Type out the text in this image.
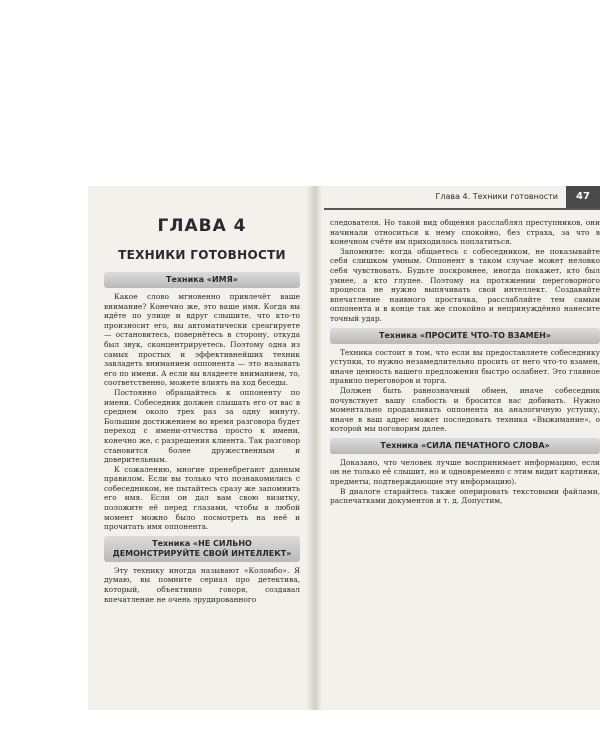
ГЛАВА 4
ТЕХНИКИ ГОТОВНОСТИ
Техника «ИМЯ»

Какое слово мгновенно привлечёт ваше внимание? Конечно же, это ваше имя. Когда вы идёте по улице и вдруг слышите, что кто-то произносит его, вы автоматически среагируете — остановитесь, повернётесь в сторону, откуда был звук, сконцентрируетесь. Поэтому одна из самых простых и эффективнейших техник завладеть вниманием оппонента — это называть его по имени. А если вы владеете вниманием, то, соответственно, можете влиять на ход беседы.

Постоянно обращайтесь к оппоненту по имени. Собеседник должен слышать его от вас в среднем около трех раз за одну минуту. Большим достижением во время разговора будет переход с имени-отчества просто к имени, конечно же, с разрешения клиента. Так разговор становится более дружественным и доверительным.

К сожалению, многие пренебрегают данным правилом. Если вы только что познакомились с собеседником, не пытайтесь сразу же запомнить его имя. Если он дал вам свою визитку, положите её перед глазами, чтобы в любой момент можно было посмотреть на неё и прочитать имя оппонента.

Техника «НЕ СИЛЬНО ДЕМОНСТРИРУЙТЕ СВОЙ ИНТЕЛЛЕКТ»

Эту технику иногда называют «Коломбо». Я думаю, вы помните сериал про детектива, который, объективно говоря, создавал впечатление не очень эрудированного

Глава 4. Техники готовности	47

следователя. Но такой вид общения расслаблял преступников, они начинали относиться к нему спокойно, без страха, за что в конечном счёте им приходилось поплатиться.

Запомните: когда общаетесь с собеседником, не показывайте себя слишком умным. Оппонент в таком случае может неловко себя чувствовать. Будьте поскромнее, иногда покажет, кто был умнее, а кто глупее. Поэтому на протяжении переговорного процесса не нужно выпячивать свой интеллект. Создавайте впечатление наивного простачка, расслабляйте тем самым оппонента и в конце так же спокойно и непринуждённо нанесите точный удар.

Техника «ПРОСИТЕ ЧТО-ТО ВЗАМЕН»

Техника состоит в том, что если вы предоставляете собеседнику уступки, то нужно незамедлительно просить от него что-то взамен, иначе ценность вашего предложения быстро ослабнет. Это главное правило переговоров и торга.

Должен быть равнозначный обмен, иначе собеседник почувствует вашу слабость и бросится вас добивать. Нужно моментально продавливать оппонента на аналогичную уступку, иначе в ваш адрес может последовать техника «Выжимание», о которой мы поговорим далее.

Техника «СИЛА ПЕЧАТНОГО СЛОВА»

Доказано, что человек лучше воспринимает информацию, если он не только её слышит, но и одновременно с этим видит картинки, предметы, подтверждающие эту информацию).

В диалоге старайтесь также оперировать текстовыми файлами, распечатками документов и т. д. Допустим,
